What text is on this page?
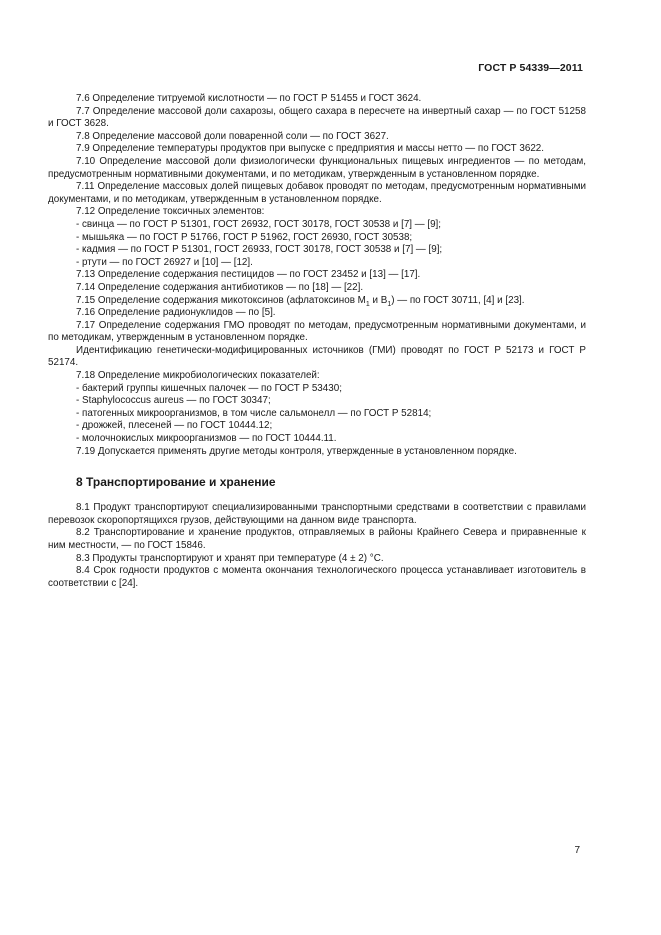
ГОСТ Р 54339—2011

7.6 Определение титруемой кислотности — по ГОСТ Р 51455 и ГОСТ 3624.

7.7 Определение массовой доли сахарозы, общего сахара в пересчете на инвертный сахар — по ГОСТ 51258 и ГОСТ 3628.

7.8 Определение массовой доли поваренной соли — по ГОСТ 3627.

7.9 Определение температуры продуктов при выпуске с предприятия и массы нетто — по ГОСТ 3622.

7.10 Определение массовой доли физиологически функциональных пищевых ингредиентов — по методам, предусмотренным нормативными документами, и по методикам, утвержденным в установленном порядке.

7.11 Определение массовых долей пищевых добавок проводят по методам, предусмотренным нормативными документами, и по методикам, утвержденным в установленном порядке.

7.12 Определение токсичных элементов:

- свинца — по ГОСТ Р 51301, ГОСТ 26932, ГОСТ 30178, ГОСТ 30538 и [7] — [9];

- мышьяка — по ГОСТ Р 51766, ГОСТ Р 51962, ГОСТ 26930, ГОСТ 30538;

- кадмия — по ГОСТ Р 51301, ГОСТ 26933, ГОСТ 30178, ГОСТ 30538 и [7] — [9];

- ртути — по ГОСТ 26927 и [10] — [12].

7.13 Определение содержания пестицидов — по ГОСТ 23452 и [13] — [17].

7.14 Определение содержания антибиотиков — по [18] — [22].

7.15 Определение содержания микотоксинов (афлатоксинов $М_1$ и $В_1$) — по ГОСТ 30711, [4] и [23].

7.16 Определение радионуклидов — по [5].

7.17 Определение содержания ГМО проводят по методам, предусмотренным нормативными документами, и по методикам, утвержденным в установленном порядке.

Идентификацию генетически-модифицированных источников (ГМИ) проводят по ГОСТ Р 52173 и ГОСТ Р 52174.

7.18 Определение микробиологических показателей:

- бактерий группы кишечных палочек — по ГОСТ Р 53430;

- Staphylococcus aureus — по ГОСТ 30347;

- патогенных микроорганизмов, в том числе сальмонелл — по ГОСТ Р 52814;

- дрожжей, плесеней — по ГОСТ 10444.12;

- молочнокислых микроорганизмов — по ГОСТ 10444.11.

7.19 Допускается применять другие методы контроля, утвержденные в установленном порядке.

8 Транспортирование и хранение

8.1 Продукт транспортируют специализированными транспортными средствами в соответствии с правилами перевозок скоропортящихся грузов, действующими на данном виде транспорта.

8.2 Транспортирование и хранение продуктов, отправляемых в районы Крайнего Севера и приравненные к ним местности, — по ГОСТ 15846.

8.3 Продукты транспортируют и хранят при температуре (4 ± 2) °С.

8.4 Срок годности продуктов с момента окончания технологического процесса устанавливает изготовитель в соответствии с [24].

7
